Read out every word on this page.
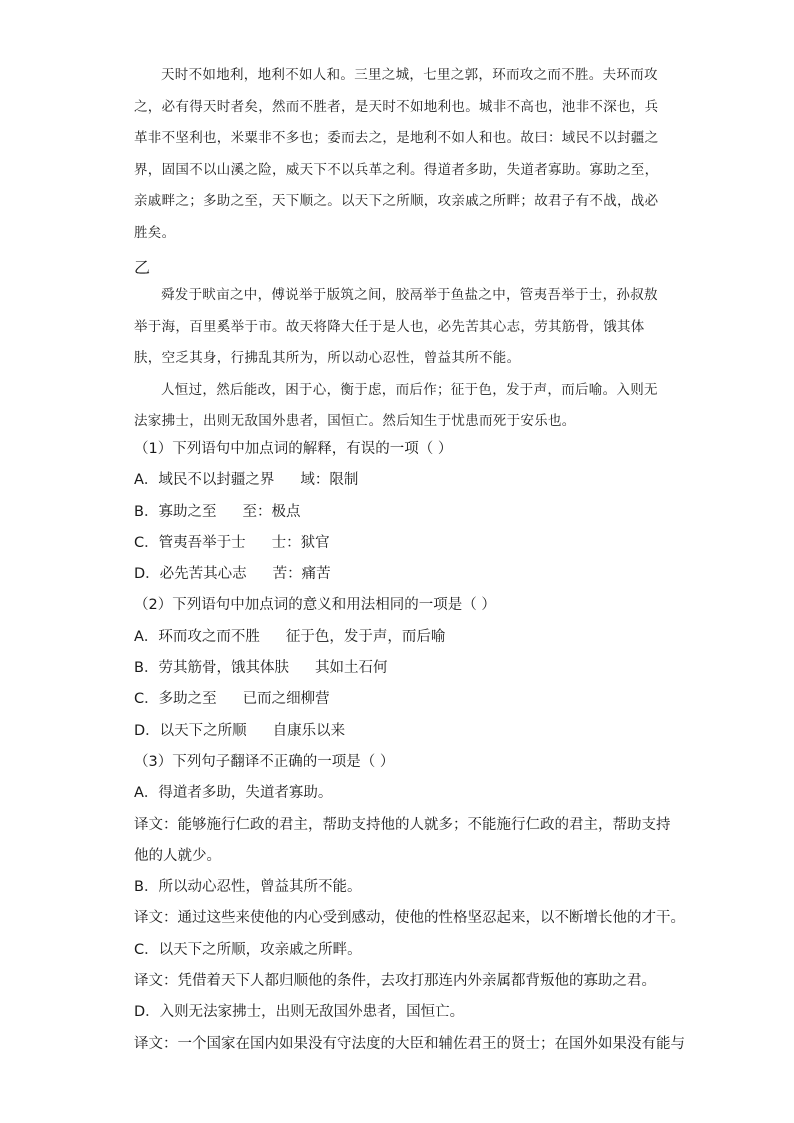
天时不如地利，地利不如人和。三里之城，七里之郭，环而攻之而不胜。夫环而攻之，必有得天时者矣，然而不胜者，是天时不如地利也。城非不高也，池非不深也，兵革非不坚利也，米粟非不多也；委而去之，是地利不如人和也。故曰：域民不以封疆之界，固国不以山溪之险，威天下不以兵革之利。得道者多助，失道者寡助。寡助之至，亲戚畔之；多助之至，天下顺之。以天下之所顺，攻亲戚之所畔；故君子有不战，战必胜矣。

乙

舜发于畎亩之中，傅说举于版筑之间，胶鬲举于鱼盐之中，管夷吾举于士，孙叔敖举于海，百里奚举于市。故天将降大任于是人也，必先苦其心志，劳其筋骨，饿其体肤，空乏其身，行拂乱其所为，所以动心忍性，曾益其所不能。

人恒过，然后能改，困于心，衡于虑，而后作；征于色，发于声，而后喻。入则无法家拂士，出则无敌国外患者，国恒亡。然后知生于忧患而死于安乐也。

（1）下列语句中加点词的解释，有误的一项（ ）
A．域民不以封疆之界 域：限制
B．寡助之至 至：极点
C．管夷吾举于士 士：狱官
D．必先苦其心志 苦：痛苦
（2）下列语句中加点词的意义和用法相同的一项是（ ）
A．环而攻之而不胜 征于色，发于声，而后喻
B．劳其筋骨，饿其体肤 其如土石何
C．多助之至 已而之细柳营
D．以天下之所顺 自康乐以来
（3）下列句子翻译不正确的一项是（ ）
A．得道者多助，失道者寡助。
译文：能够施行仁政的君主，帮助支持他的人就多；不能施行仁政的君主，帮助支持他的人就少。
B．所以动心忍性，曾益其所不能。
译文：通过这些来使他的内心受到感动，使他的性格坚忍起来，以不断增长他的才干。
C．以天下之所顺，攻亲戚之所畔。
译文：凭借着天下人都归顺他的条件，去攻打那连内外亲属都背叛他的寡助之君。
D．入则无法家拂士，出则无敌国外患者，国恒亡。
译文：一个国家在国内如果没有守法度的大臣和辅佐君王的贤士；在国外如果没有能与
